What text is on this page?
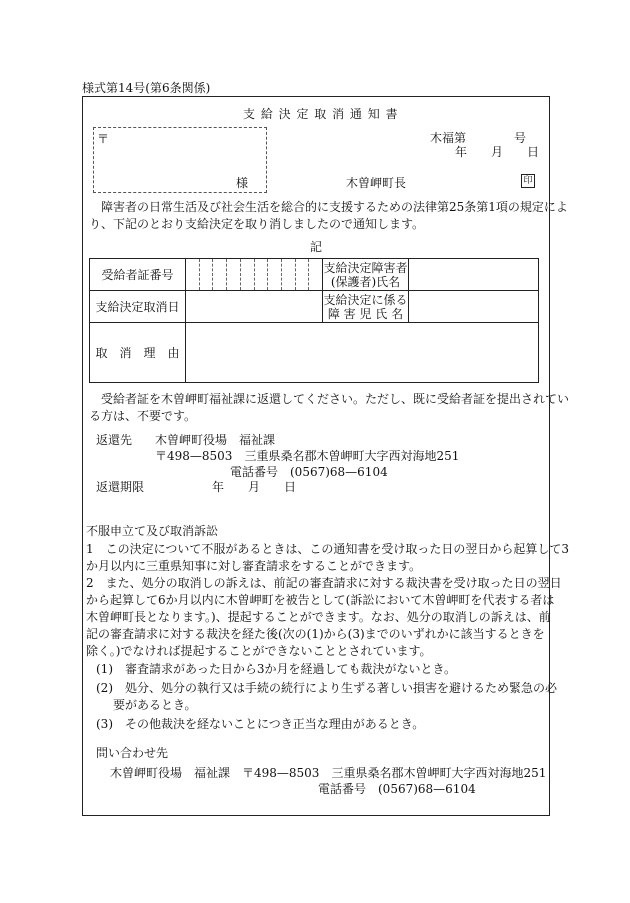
様式第14号(第6条関係)
支 給 決 定 取 消 通 知 書
〒
様
木福第　　　　号
年　　月　　日
木曽岬町長	印
　障害者の日常生活及び社会生活を総合的に支援するための法律第25条第1項の規定によ
り、下記のとおり支給決定を取り消しましたので通知します。
記
受給者証番号		支給決定障害者
(保護者)氏名	

支給決定取消日		支給決定に係る
障 害 児 氏 名	

取　消　理　由			
　受給者証を木曽岬町福祉課に返還してください。ただし、既に受給者証を提出されてい
る方は、不要です。
返還先 木曽岬町役場　福祉課
〒498—8503　三重県桑名郡木曽岬町大字西対海地251
電話番号　(0567)68—6104
返還期限	年　　月　　日
不服申立て及び取消訴訟
1　この決定について不服があるときは、この通知書を受け取った日の翌日から起算して3
か月以内に三重県知事に対し審査請求をすることができます。
2　また、処分の取消しの訴えは、前記の審査請求に対する裁決書を受け取った日の翌日
から起算して6か月以内に木曽岬町を被告として(訴訟において木曽岬町を代表する者は
木曽岬町長となります。)、提起することができます。なお、処分の取消しの訴えは、前
記の審査請求に対する裁決を経た後(次の(1)から(3)までのいずれかに該当するときを
除く。)でなければ提起することができないこととされています。
(1) 審査請求があった日から3か月を経過しても裁決がないとき。
(2) 処分、処分の執行又は手続の続行により生ずる著しい損害を避けるため緊急の必
要があるとき。
(3) その他裁決を経ないことにつき正当な理由があるとき。
問い合わせ先
木曽岬町役場　福祉課　〒498—8503　三重県桑名郡木曽岬町大字西対海地251
電話番号　(0567)68—6104
